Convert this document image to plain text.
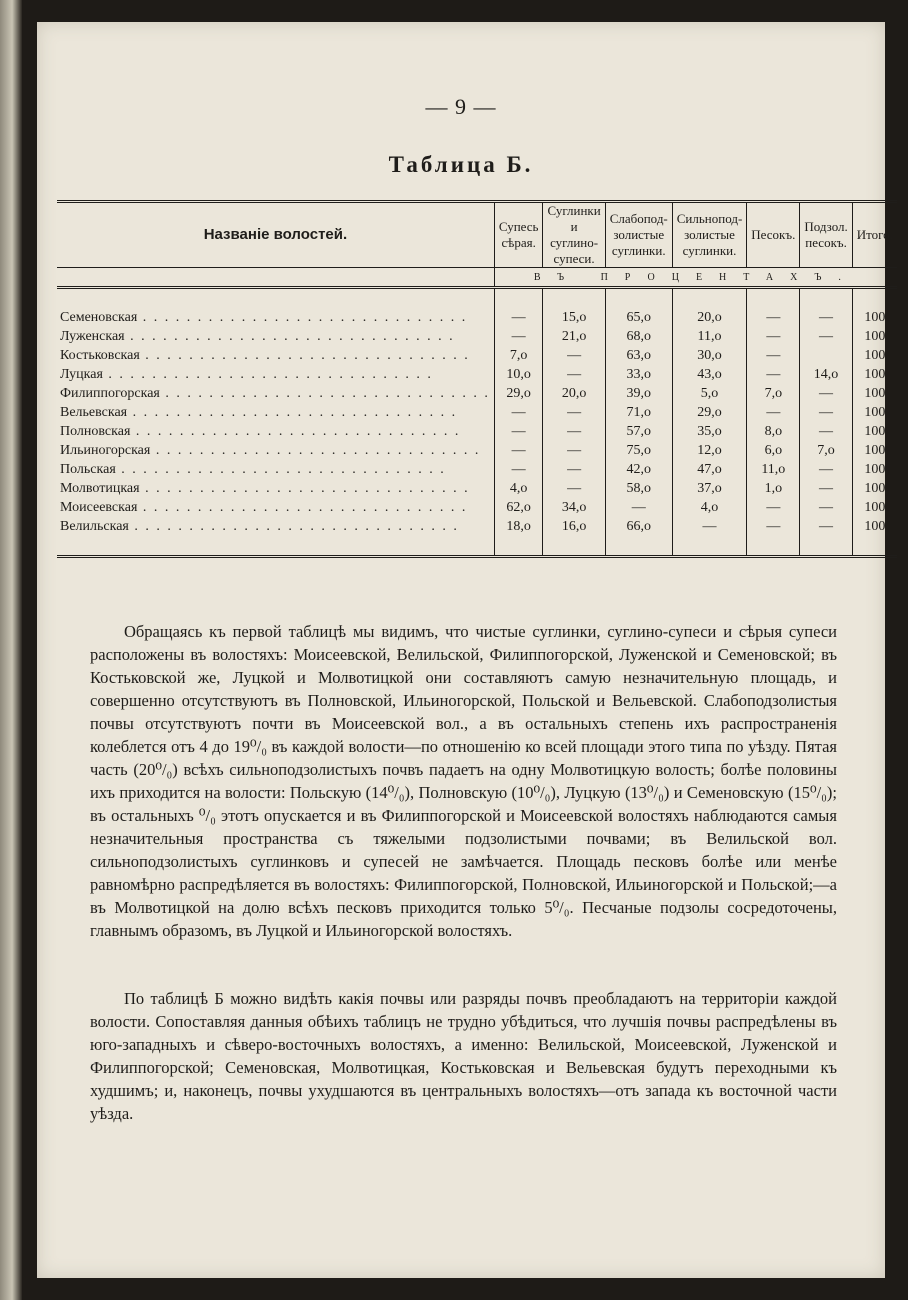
— 9 —
Таблица Б.
Названіе волостей.	Супесь сѣрая.	Суглинки и суглино-супеси.	Слабопод-золистые суглинки.	Сильнопод-золистые суглинки.	Песокъ.	Подзол. песокъ.	Итого.
	ВЪ ПРОЦЕНТАХЪ.						

Семеновская . . .	—	15,о	65,о	20,о	—	—	100
Луженская . . .	—	21,о	68,о	11,о	—	—	100
Костьковская . . .	7,о	—	63,о	30,о	—		100
Луцкая . . .	10,о	—	33,о	43,о	—	14,о	100
Филиппогорская . . .	29,о	20,о	39,о	5,о	7,о	—	100
Вельевская . . .	—	—	71,о	29,о	—	—	100
Полновская . . .	—	—	57,о	35,о	8,о	—	100
Ильиногорская . . .	—	—	75,о	12,о	6,о	7,о	100
Польская . . .	—	—	42,о	47,о	11,о	—	100
Молвотицкая . . .	4,о	—	58,о	37,о	1,о	—	100
Моисеевская . . .	62,о	34,о	—	4,о	—	—	100
Велильская . . .	18,о	16,о	66,о	—	—	—	100

Обращаясь къ первой таблицѣ мы видимъ, что чистые суглинки, суглино-супеси и сѣрыя супеси расположены въ волостяхъ: Моисеевской, Велильской, Филиппогорской, Луженской и Семеновской; въ Костьковской же, Луцкой и Молвотицкой они составляютъ самую незначительную площадь, и совершенно отсутствуютъ въ Полновской, Ильиногорской, Польской и Вельевской. Слабоподзолистыя почвы отсутствуютъ почти въ Моисеевской вол., а въ остальныхъ степень ихъ распространенія колеблется отъ 4 до 19⁰/₀ въ каждой волости—по отношенію ко всей площади этого типа по уѣзду. Пятая часть (20⁰/₀) всѣхъ сильноподзолистыхъ почвъ падаетъ на одну Молвотицкую волость; болѣе половины ихъ приходится на волости: Польскую (14⁰/₀), Полновскую (10⁰/₀), Луцкую (13⁰/₀) и Семеновскую (15⁰/₀); въ остальныхъ ⁰/₀ этотъ опускается и въ Филиппогорской и Моисеевской волостяхъ наблюдаются самыя незначительныя пространства съ тяжелыми подзолистыми почвами; въ Велильской вол. сильноподзолистыхъ суглинковъ и супесей не замѣчается. Площадь песковъ болѣе или менѣе равномѣрно распредѣляется въ волостяхъ: Филиппогорской, Полновской, Ильиногорской и Польской;—а въ Молвотицкой на долю всѣхъ песковъ приходится только 5⁰/₀. Песчаные подзолы сосредоточены, главнымъ образомъ, въ Луцкой и Ильиногорской волостяхъ.

По таблицѣ Б можно видѣть какія почвы или разряды почвъ преобладаютъ на территоріи каждой волости. Сопоставляя данныя обѣихъ таблицъ не трудно убѣдиться, что лучшія почвы распредѣлены въ юго-западныхъ и сѣверо-восточныхъ волостяхъ, а именно: Велильской, Моисеевской, Луженской и Филиппогорской; Семеновская, Молвотицкая, Костьковская и Вельевская будутъ переходными къ худшимъ; и, наконецъ, почвы ухудшаются въ центральныхъ волостяхъ—отъ запада къ восточной части уѣзда.
